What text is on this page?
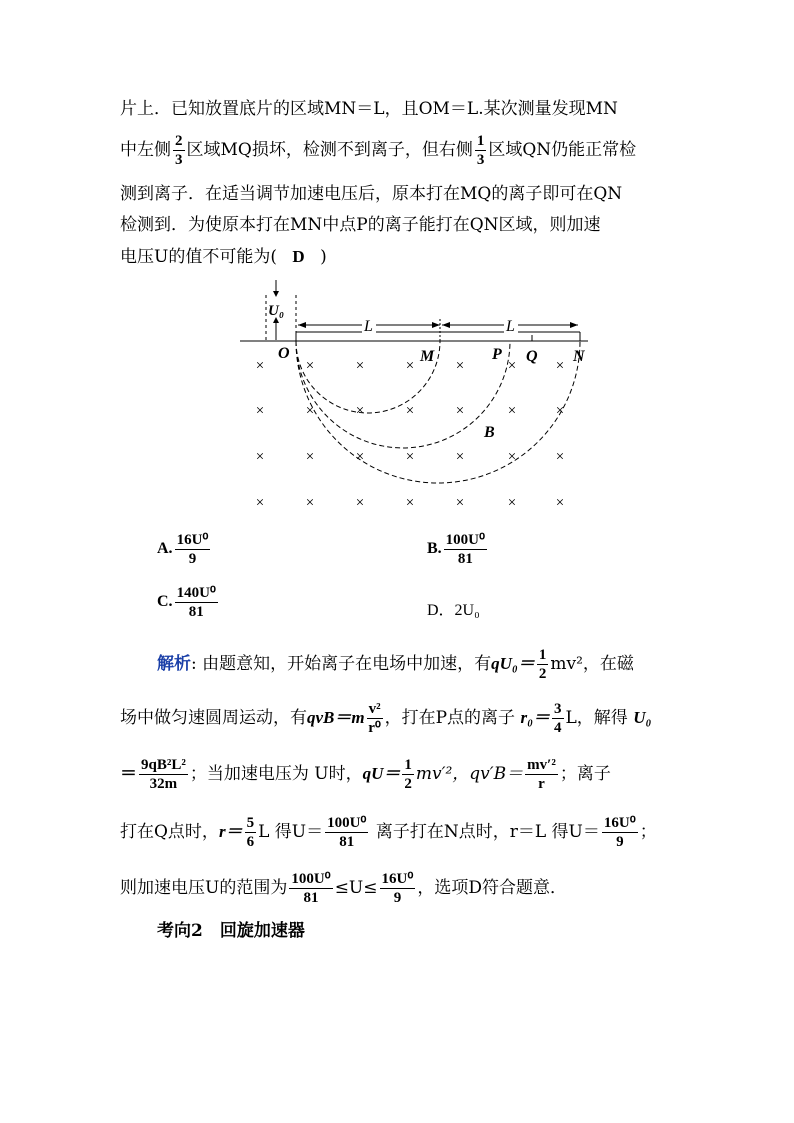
片上．已知放置底片的区域MN＝L，且OM＝L.某次测量发现MN
中左侧 $\frac{2}{3}$ 区域MQ损坏，检测不到离子，但右侧 $\frac{1}{3}$ 区域QN仍能正常检
测到离子．在适当调节加速电压后，原本打在MQ的离子即可在QN
检测到．为使原本打在MN中点P的离子能打在QN区域，则加速
电压U的值不可能为( D )
U₀
L	L
O	M	P Q N
B
×	×	×	×	×	×	×
×	×	×	×	×	×	×
×	×	×	×	×	×	×
×	×	×	×	×	×	×
A. $\frac{\text{16U⁰}}{9}$	B. $\frac{\text{100U⁰}}{81}$
C. $\frac{\text{140U⁰}}{81}$	D．2U₀
解析: 由题意知，开始离子在电场中加速，有$qU_0= \frac{1}{2} mv^2$，在磁
场中做匀速圆周运动，有$qvB=m \frac{\text{v²}}{\text{r⁰}}$ ，打在P点的离子 $r_0= \frac{3}{4}$ L，解得 U₀
＝ $\frac{\text{9qB²L²}}{32m}$ ；当加速电压为 U时，$qU= \frac{1}{2} mv'^2$，$qv'B= \frac{\text{mv′²}}{r}$ ；离子
打在Q点时，$r= \frac{5}{6}$ L 得$U= \frac{\text{100U⁰}}{81}$ 离子打在N点时，r＝L 得$U= \frac{\text{16U⁰}}{9}$ ；
则加速电压U的范围为 $\frac{\text{100U⁰}}{81} \le U\le \frac{\text{16U⁰}}{9}$ ，选项D符合题意．
考向2　回旋加速器
